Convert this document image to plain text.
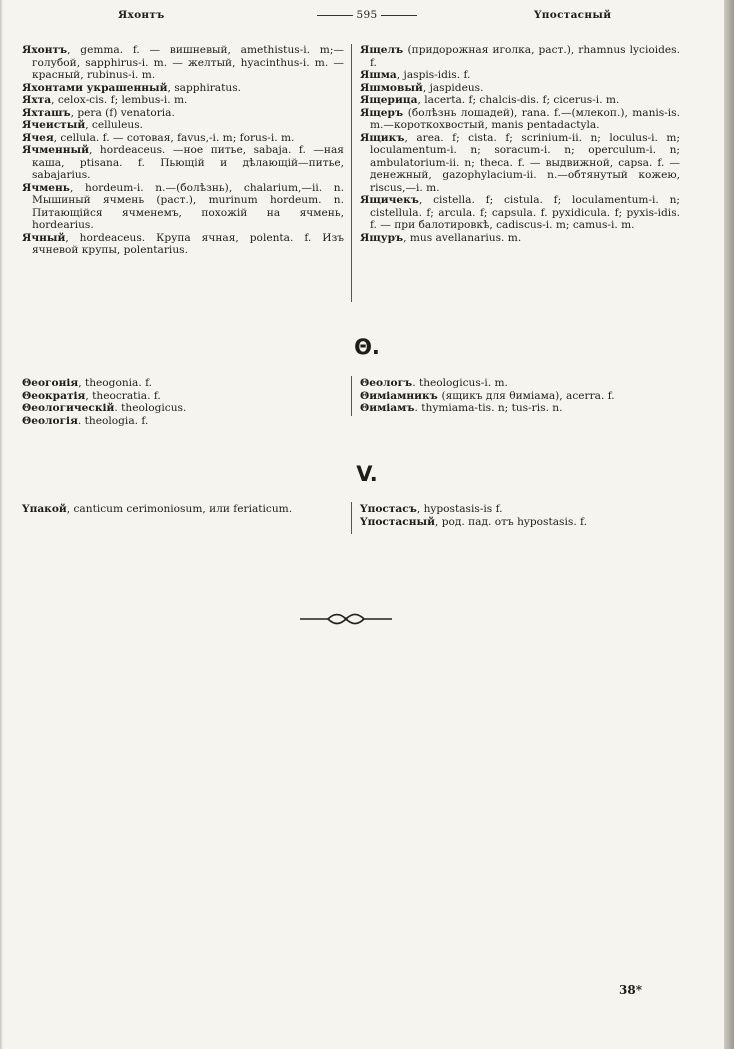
Яхонтъ	595	Υпостасный

Яхонтъ, gemma. f. — вишневый, amethistus-i. m;—голубой, sapphirus-i. m. — желтый, hyacinthus-i. m. — красный, rubinus-i. m.

Яхонтами украшенный, sapphiratus.

Яхта, celox-cis. f; lembus-i. m.

Яхташъ, pera (f) venatoria.

Ячеистый, celluleus.

Ячея, cellula. f. — сотовая, favus,-i. m; forus-i. m.

Ячменный, hordeaceus. —ное питье, sabaja. f. —ная каша, ptisana. f. Пьющій и дѣлающій—питье, sabajarius.

Ячмень, hordeum-i. n.—(болѣзнь), chalarium,—ii. n. Мышиный ячмень (раст.), murinum hordeum. n. Питающійся ячменемъ, похожій на ячмень, hordearius.

Ячный, hordeaceus. Крупа ячная, polenta. f. Изъ ячневой крупы, polentarius.

Ящелъ (придорожная иголка, раст.), rhamnus lycioides. f.

Яшма, jaspis-idis. f.

Яшмовый, jaspideus.

Ящерица, lacerta. f; chalcis-dis. f; cicerus-i. m.

Ящеръ (болѣзнь лошадей), rana. f.—(млекоп.), manis-is. m.—короткохвостый, manis pentadactyla.

Ящикъ, area. f; cista. f; scrinium-ii. n; loculus-i. m; loculamentum-i. n; soracum-i. n; operculum-i. n; ambulatorium-ii. n; theca. f. — выдвижной, capsa. f. — денежный, gazophylacium-ii. n.—обтянутый кожею, riscus,—i. m.

Ящичекъ, cistella. f; cistula. f; loculamentum-i. n; cistellula. f; arcula. f; capsula. f. pyxidicula. f; pyxis-idis. f. — при балотировкѣ, cadiscus-i. m; camus-i. m.

Ящуръ, mus avellanarius. m.

Θ.

Θеогонія, theogonia. f.

Θеократія, theocratia. f.

Θеологическій. theologicus.

Θеологія. theologia. f.

Θеологъ. theologicus-i. m.

Θиміамникъ (ящикъ для θиміама), acerra. f.

Θиміамъ. thymiama-tis. n; tus-ris. n.

V.

Υпакой, canticum cerimoniosum, или feriaticum.	Υпостасъ, hypostasis-is f.

Υпостасный, род. пад. отъ hypostasis. f.

38*
